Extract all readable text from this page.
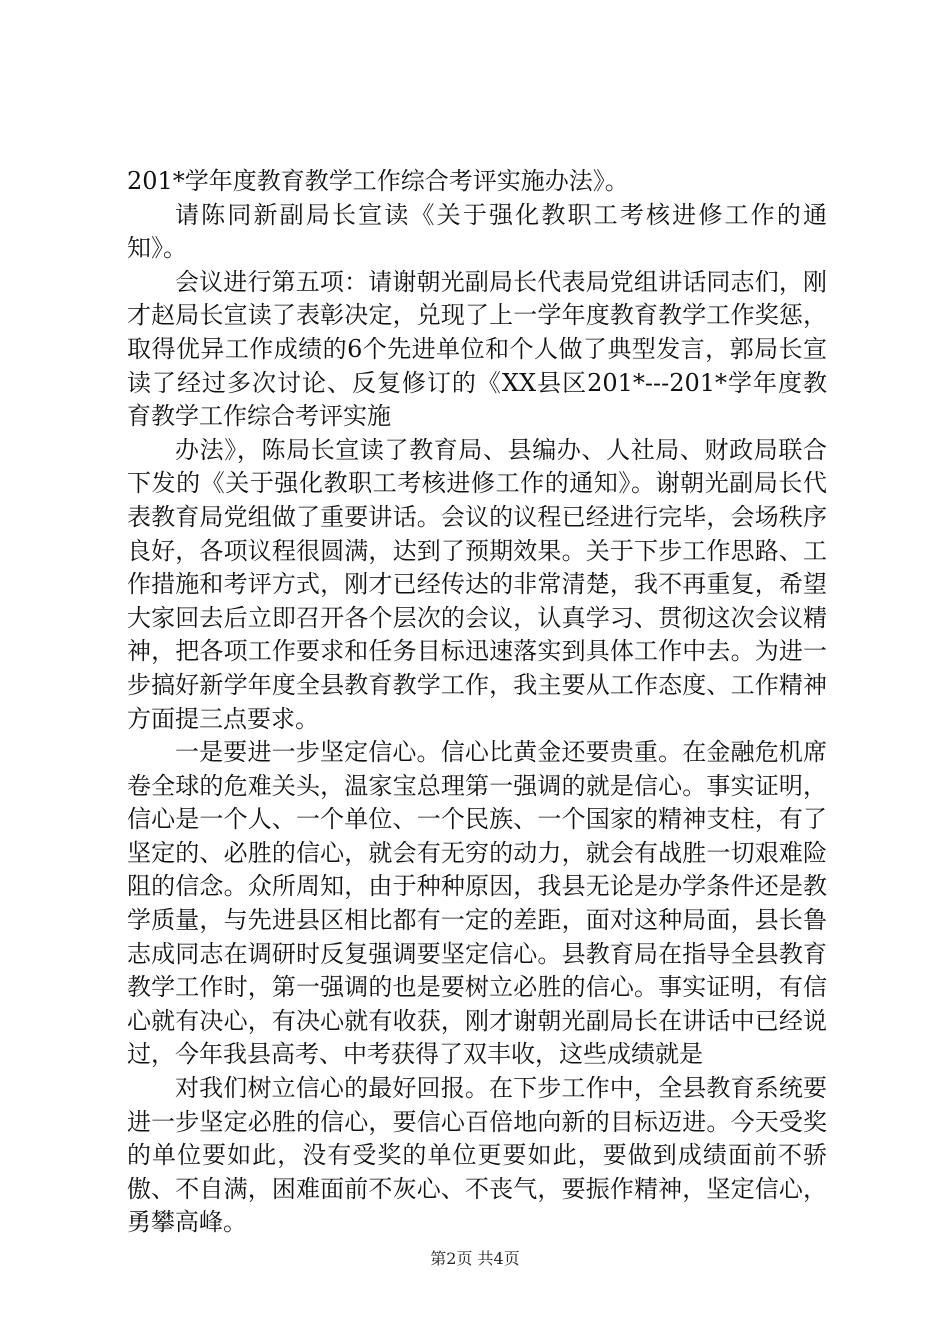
201*学年度教育教学工作综合考评实施办法》。

请陈同新副局长宣读《关于强化教职工考核进修工作的通知》。

会议进行第五项：请谢朝光副局长代表局党组讲话同志们，刚才赵局长宣读了表彰决定，兑现了上一学年度教育教学工作奖惩，取得优异工作成绩的6个先进单位和个人做了典型发言，郭局长宣读了经过多次讨论、反复修订的《XX县区201*---201*学年度教育教学工作综合考评实施

办法》，陈局长宣读了教育局、县编办、人社局、财政局联合下发的《关于强化教职工考核进修工作的通知》。谢朝光副局长代表教育局党组做了重要讲话。会议的议程已经进行完毕，会场秩序良好，各项议程很圆满，达到了预期效果。关于下步工作思路、工作措施和考评方式，刚才已经传达的非常清楚，我不再重复，希望大家回去后立即召开各个层次的会议，认真学习、贯彻这次会议精神，把各项工作要求和任务目标迅速落实到具体工作中去。为进一步搞好新学年度全县教育教学工作，我主要从工作态度、工作精神方面提三点要求。

一是要进一步坚定信心。信心比黄金还要贵重。在金融危机席卷全球的危难关头，温家宝总理第一强调的就是信心。事实证明，信心是一个人、一个单位、一个民族、一个国家的精神支柱，有了坚定的、必胜的信心，就会有无穷的动力，就会有战胜一切艰难险阻的信念。众所周知，由于种种原因，我县无论是办学条件还是教学质量，与先进县区相比都有一定的差距，面对这种局面，县长鲁志成同志在调研时反复强调要坚定信心。县教育局在指导全县教育教学工作时，第一强调的也是要树立必胜的信心。事实证明，有信心就有决心，有决心就有收获，刚才谢朝光副局长在讲话中已经说过，今年我县高考、中考获得了双丰收，这些成绩就是

对我们树立信心的最好回报。在下步工作中，全县教育系统要进一步坚定必胜的信心，要信心百倍地向新的目标迈进。今天受奖的单位要如此，没有受奖的单位更要如此，要做到成绩面前不骄傲、不自满，困难面前不灰心、不丧气，要振作精神，坚定信心，勇攀高峰。

第2页 共4页
